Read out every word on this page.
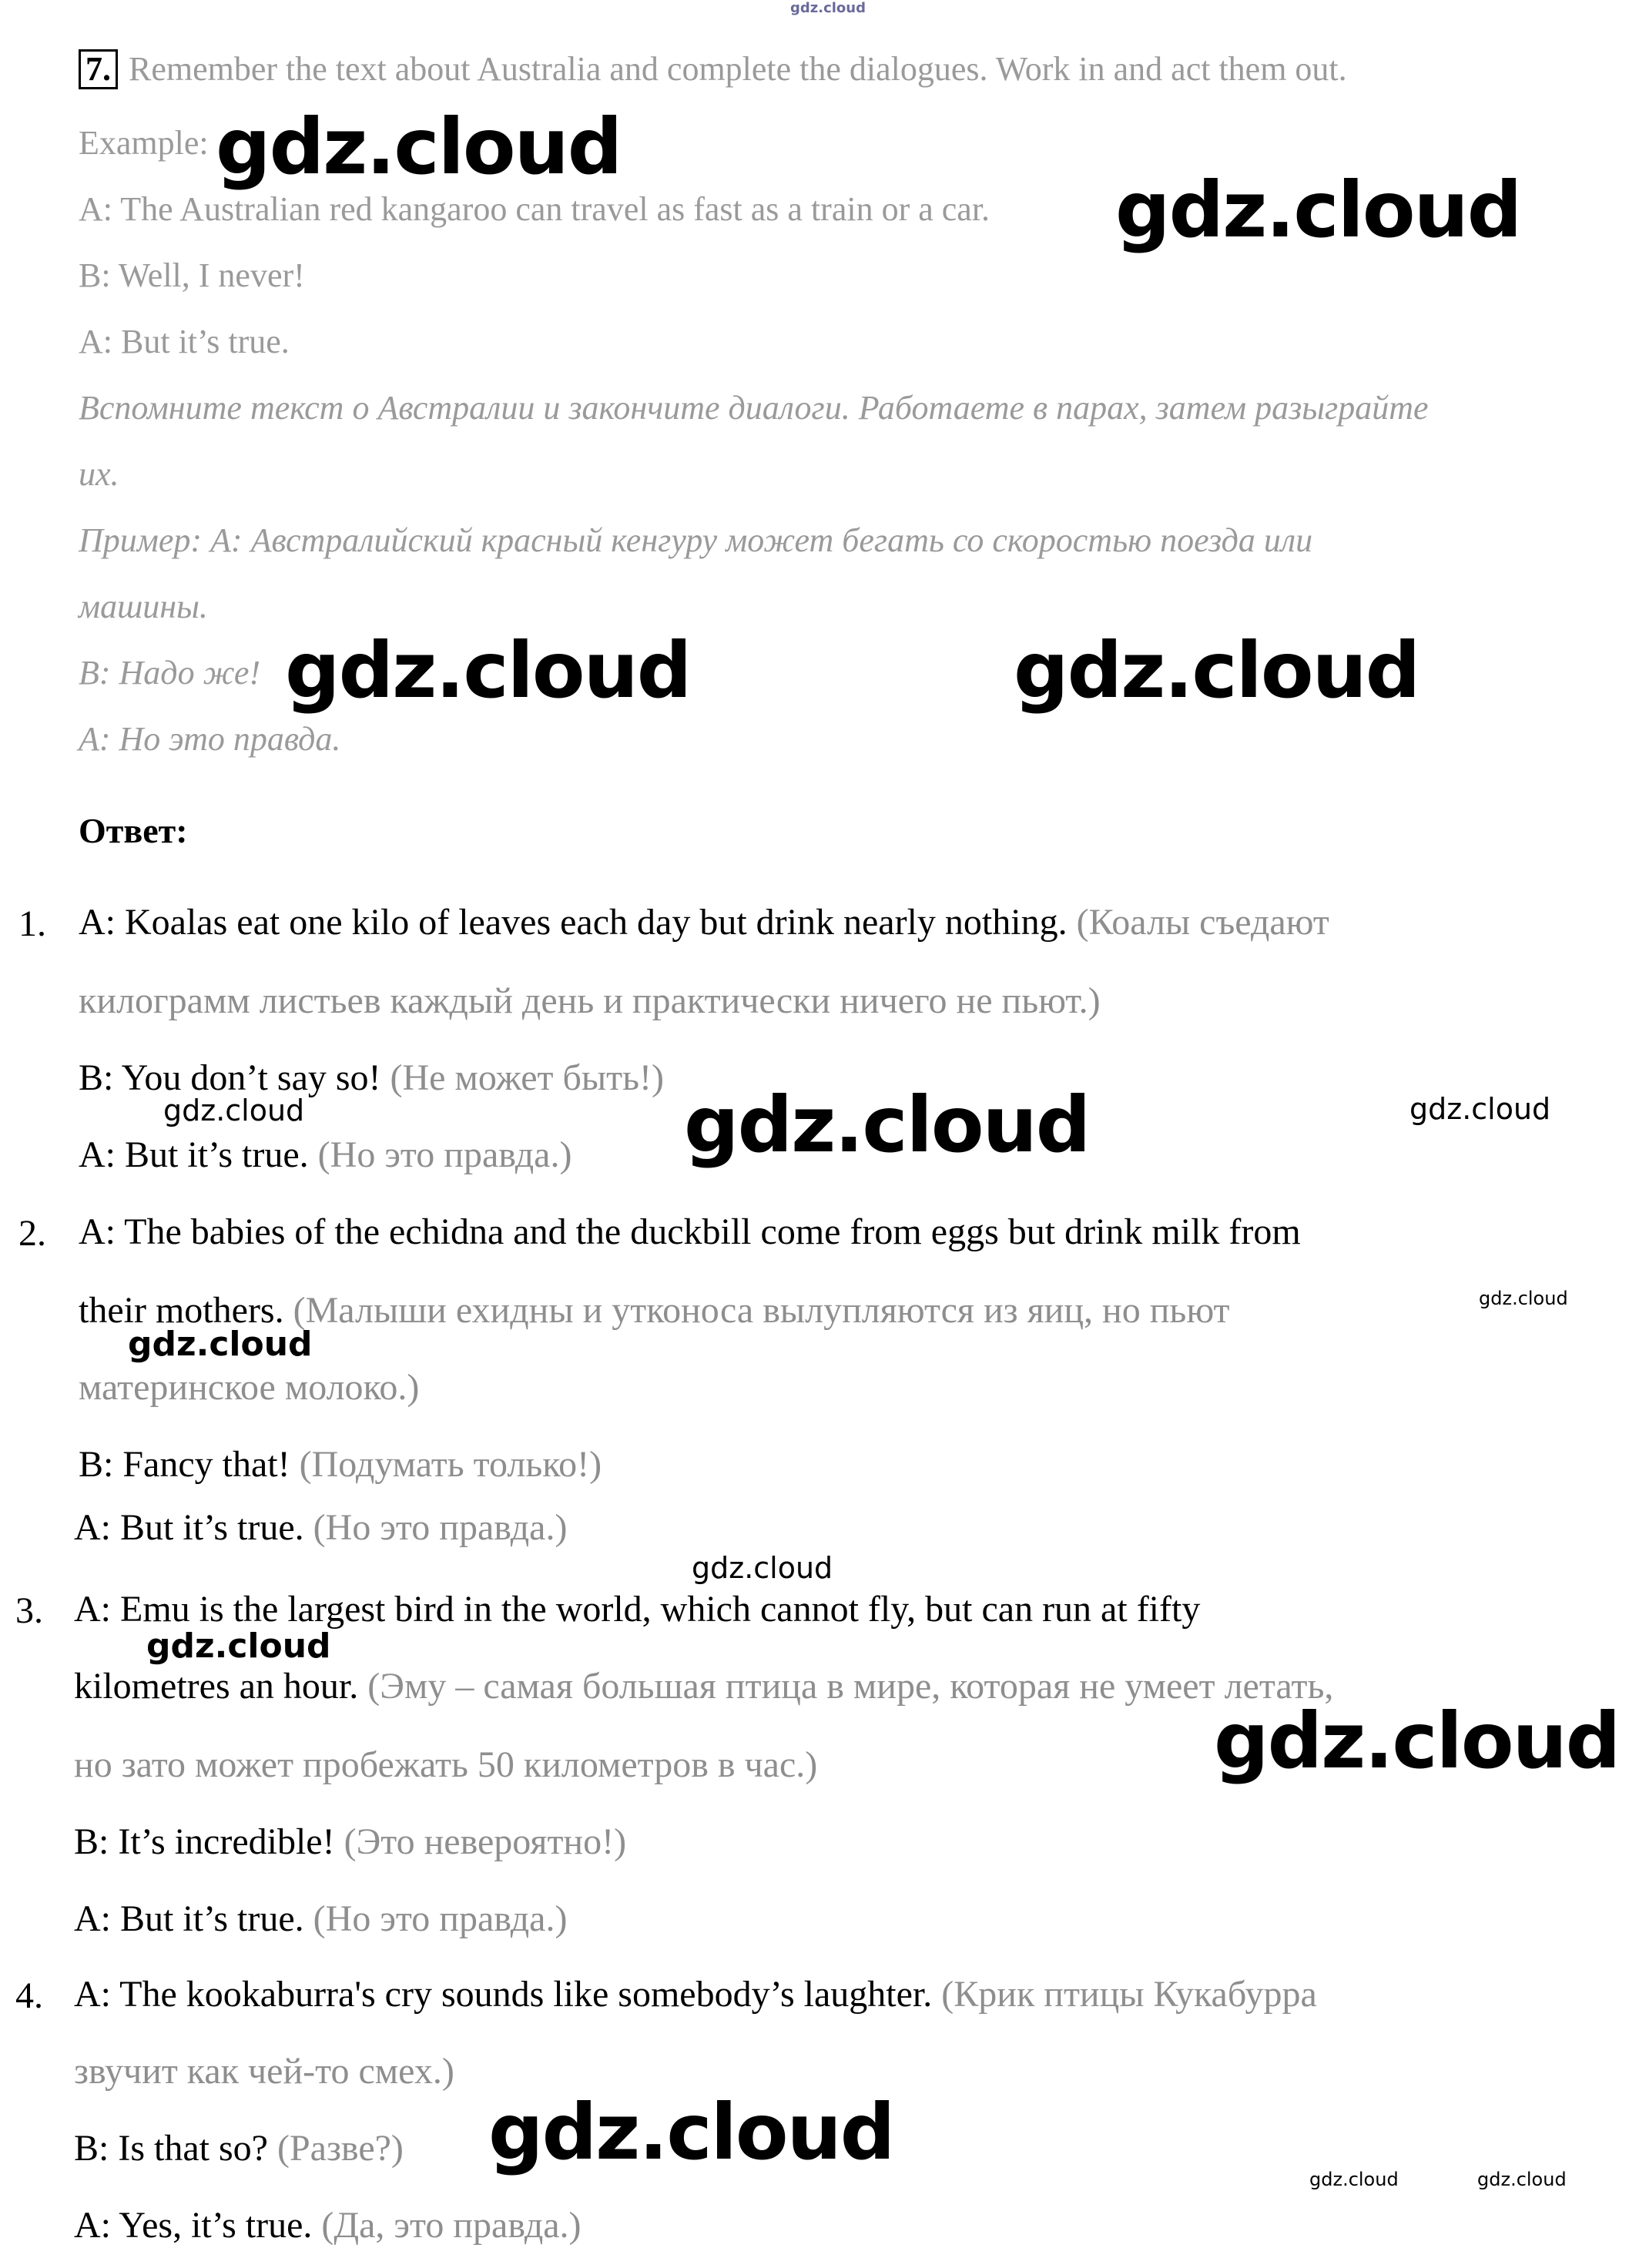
gdz.cloud
7. Remember the text about Australia and complete the dialogues. Work in and act them out.
Example:
A: The Australian red kangaroo can travel as fast as a train or a car.
B: Well, I never!
A: But it’s true.
Вспомните текст о Австралии и закончите диалоги. Работаете в парах, затем разыграйте
их.
Пример: А: Австралийский красный кенгуру может бегать со скоростью поезда или
машины.
В: Надо же!
А: Но это правда.
Ответ:
1. A: Koalas eat one kilo of leaves each day but drink nearly nothing. (Коалы съедают
килограмм листьев каждый день и практически ничего не пьют.)
B: You don’t say so! (Не может быть!)
A: But it’s true. (Но это правда.)
2. A: The babies of the echidna and the duckbill come from eggs but drink milk from
their mothers. (Малыши ехидны и утконоса вылупляются из яиц, но пьют
материнское молоко.)
B: Fancy that! (Подумать только!)
A: But it’s true. (Но это правда.)
3. A: Emu is the largest bird in the world, which cannot fly, but can run at fifty
kilometres an hour. (Эму – самая большая птица в мире, которая не умеет летать,
но зато может пробежать 50 километров в час.)
B: It’s incredible! (Это невероятно!)
A: But it’s true. (Но это правда.)
4. A: The kookaburra's cry sounds like somebody’s laughter. (Крик птицы Кукабурра
звучит как чей-то смех.)
B: Is that so? (Разве?)
A: Yes, it’s true. (Да, это правда.)
gdz.cloud
gdz.cloud
gdz.cloud	gdz.cloud
gdz.cloud	gdz.cloud	gdz.cloud
gdz.cloud
gdz.cloud
gdz.cloud
gdz.cloud
gdz.cloud
gdz.cloud
gdz.cloud	gdz.cloud
